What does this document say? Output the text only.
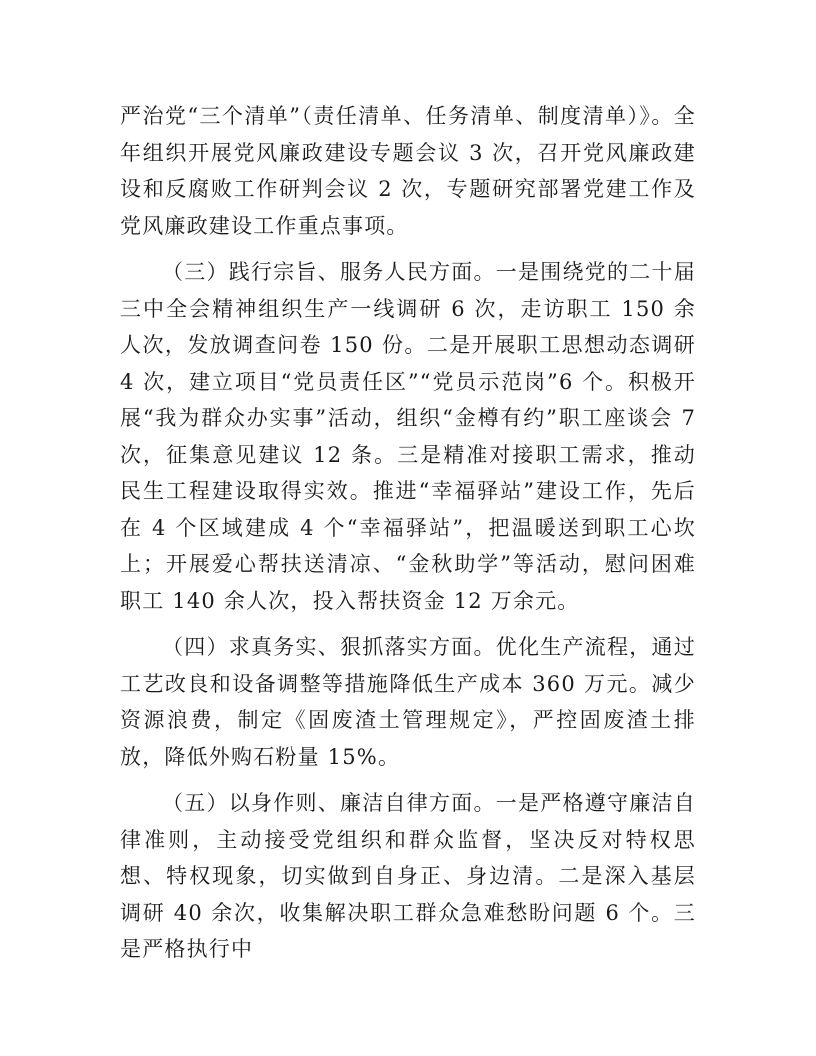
严治党“三个清单”（责任清单、任务清单、制度清单）》。全年组织开展党风廉政建设专题会议 3 次，召开党风廉政建设和反腐败工作研判会议 2 次，专题研究部署党建工作及党风廉政建设工作重点事项。

（三）践行宗旨、服务人民方面。一是围绕党的二十届三中全会精神组织生产一线调研 6 次，走访职工 150 余人次，发放调查问卷 150 份。二是开展职工思想动态调研 4 次，建立项目“党员责任区”“党员示范岗”6 个。积极开展“我为群众办实事”活动，组织“金樽有约”职工座谈会 7 次，征集意见建议 12 条。三是精准对接职工需求，推动民生工程建设取得实效。推进“幸福驿站”建设工作，先后在 4 个区域建成 4 个“幸福驿站”，把温暖送到职工心坎上；开展爱心帮扶送清凉、“金秋助学”等活动，慰问困难职工 140 余人次，投入帮扶资金 12 万余元。

（四）求真务实、狠抓落实方面。优化生产流程，通过工艺改良和设备调整等措施降低生产成本 360 万元。减少资源浪费，制定《固废渣土管理规定》，严控固废渣土排放，降低外购石粉量 15%。

（五）以身作则、廉洁自律方面。一是严格遵守廉洁自律准则，主动接受党组织和群众监督，坚决反对特权思想、特权现象，切实做到自身正、身边清。二是深入基层调研 40 余次，收集解决职工群众急难愁盼问题 6 个。三是严格执行中
